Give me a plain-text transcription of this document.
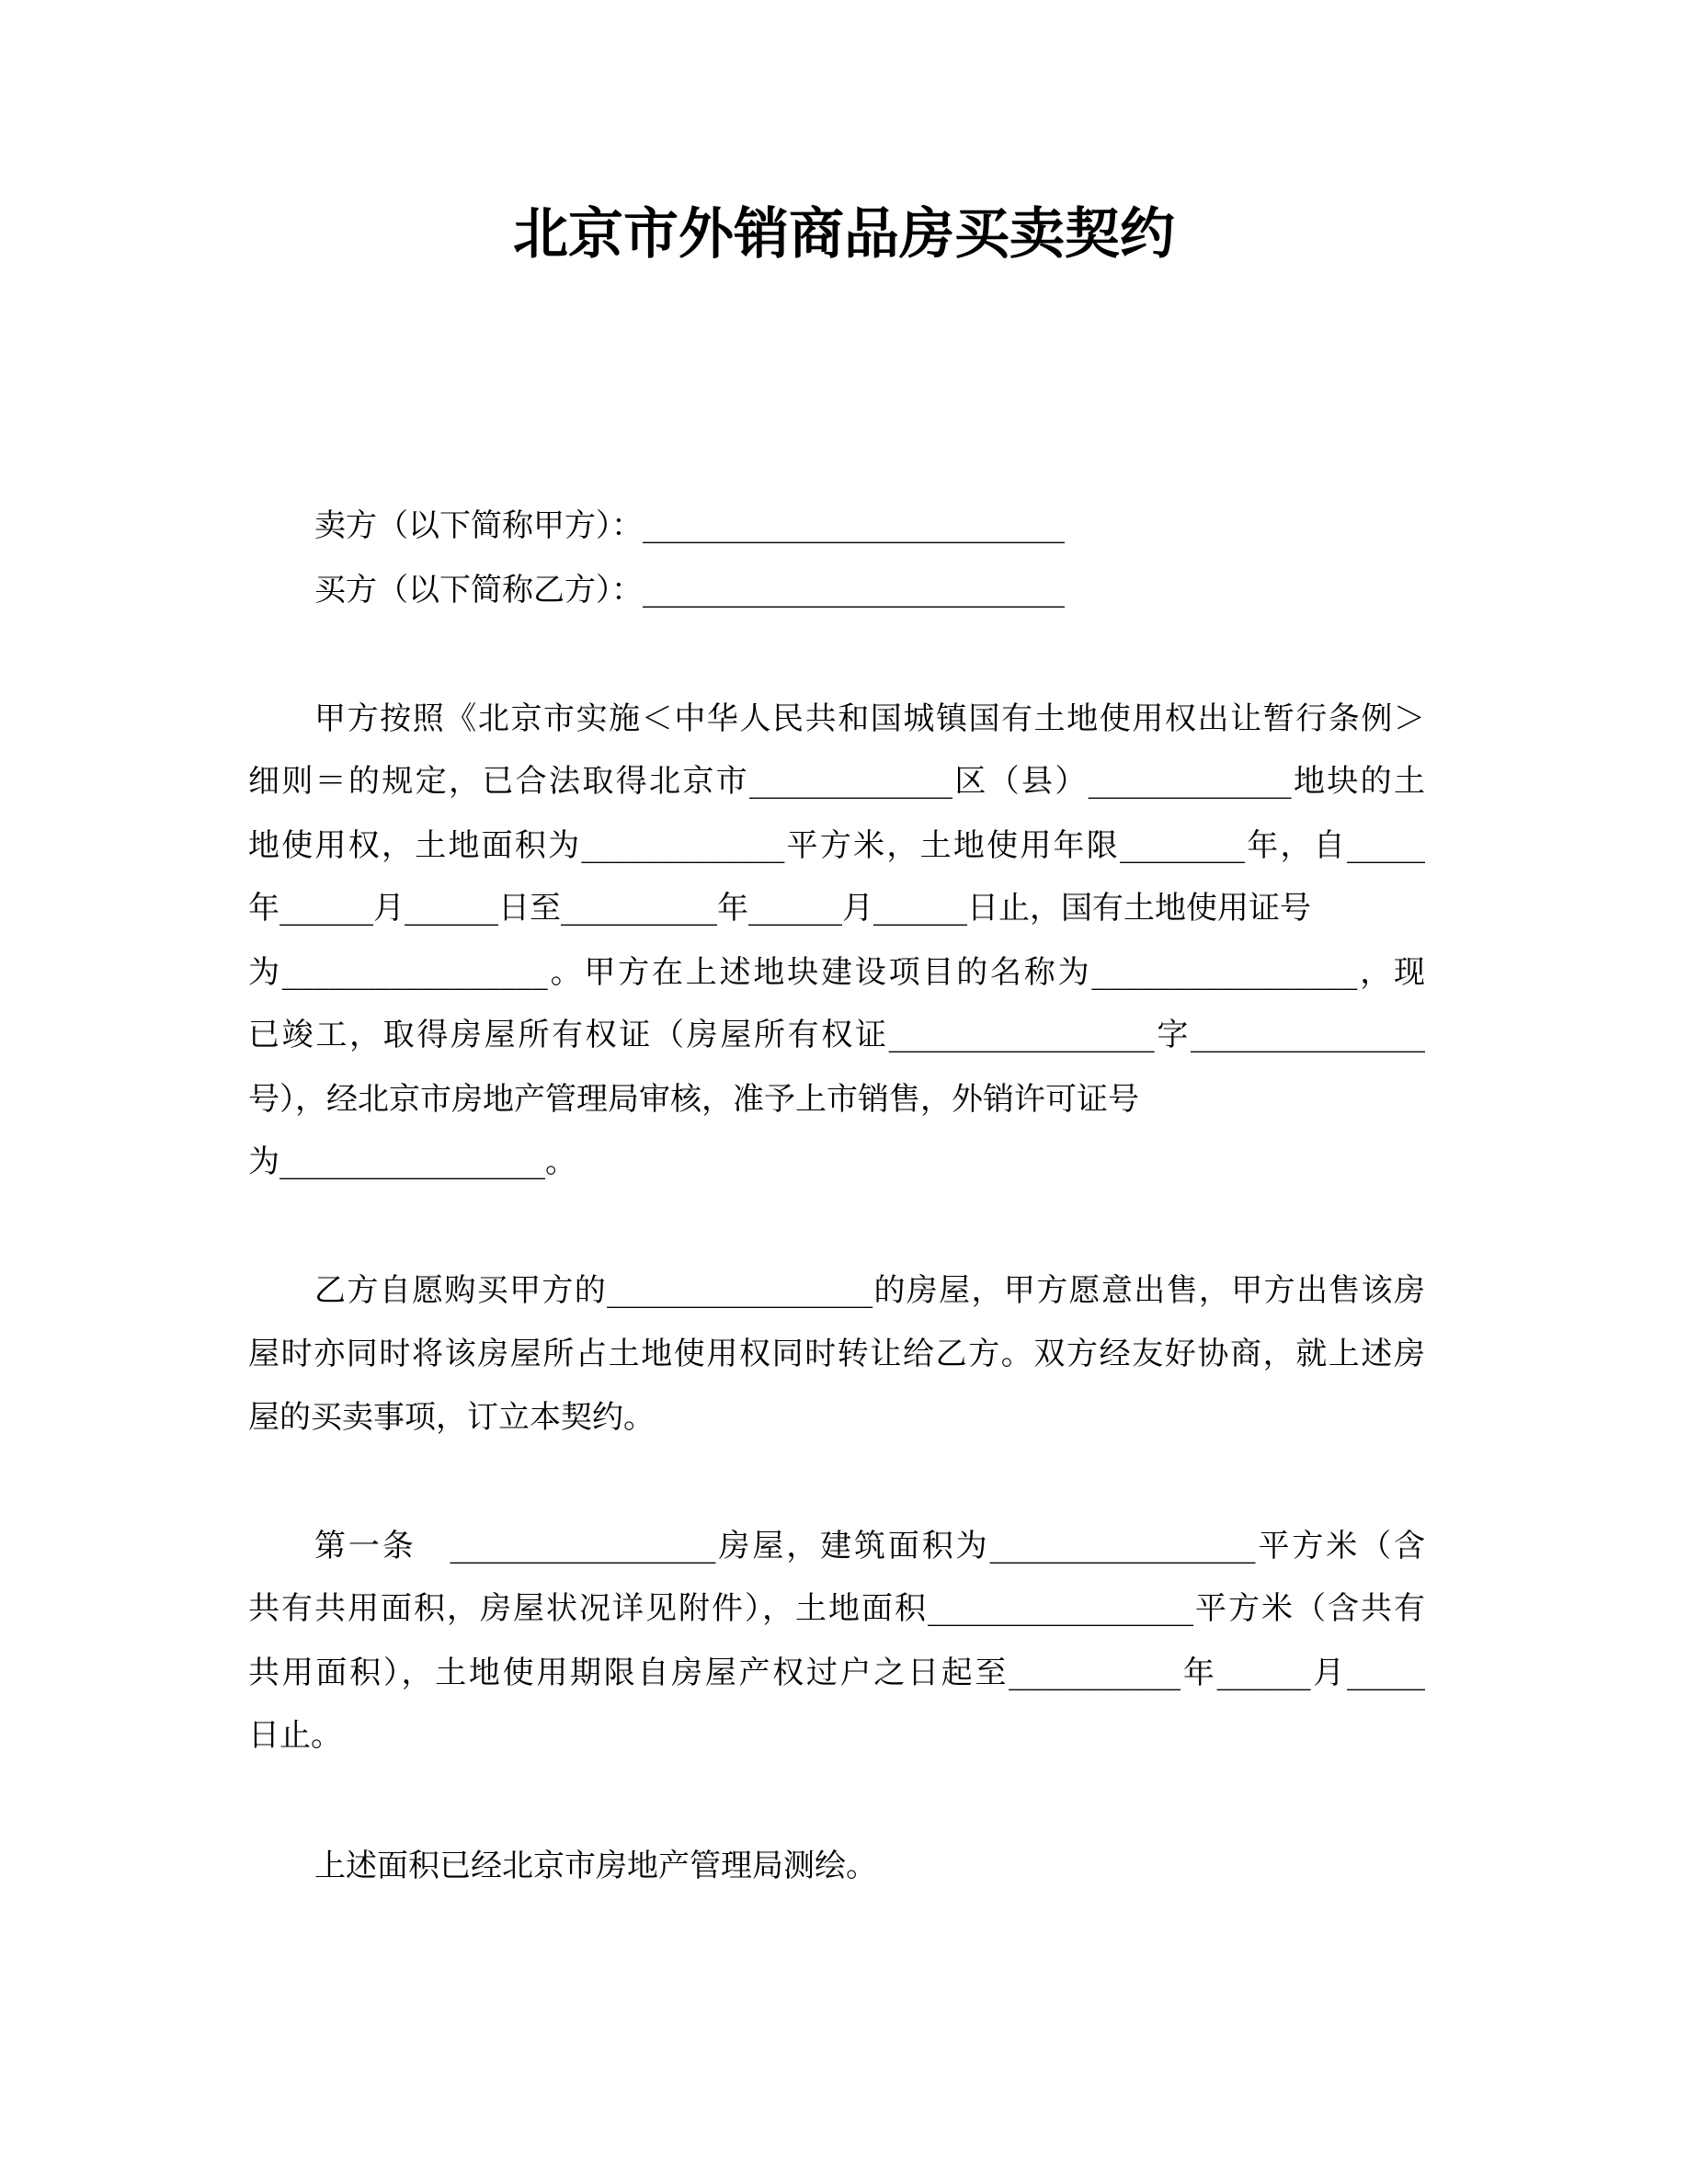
北京市外销商品房买卖契约
卖方（以下简称甲方）：___________________________
买方（以下简称乙方）：___________________________
甲方按照《北京市实施＜中华人民共和国城镇国有土地使用权出让暂行条例＞
细则＝的规定，已合法取得北京市_____________区（县）_____________地块的土
地使用权，土地面积为_____________平方米，土地使用年限________年，自_____
年______月______日至__________年______月______日止，国有土地使用证号
为_________________。甲方在上述地块建设项目的名称为_________________，现
已竣工，取得房屋所有权证（房屋所有权证_________________字_______________
号），经北京市房地产管理局审核，准予上市销售，外销许可证号
为_________________。
乙方自愿购买甲方的_________________的房屋，甲方愿意出售，甲方出售该房
屋时亦同时将该房屋所占土地使用权同时转让给乙方。双方经友好协商，就上述房
屋的买卖事项，订立本契约。
第一条　_________________房屋，建筑面积为_________________平方米（含
共有共用面积，房屋状况详见附件），土地面积_________________平方米（含共有
共用面积），土地使用期限自房屋产权过户之日起至___________年______月_____
日止。
上述面积已经北京市房地产管理局测绘。
